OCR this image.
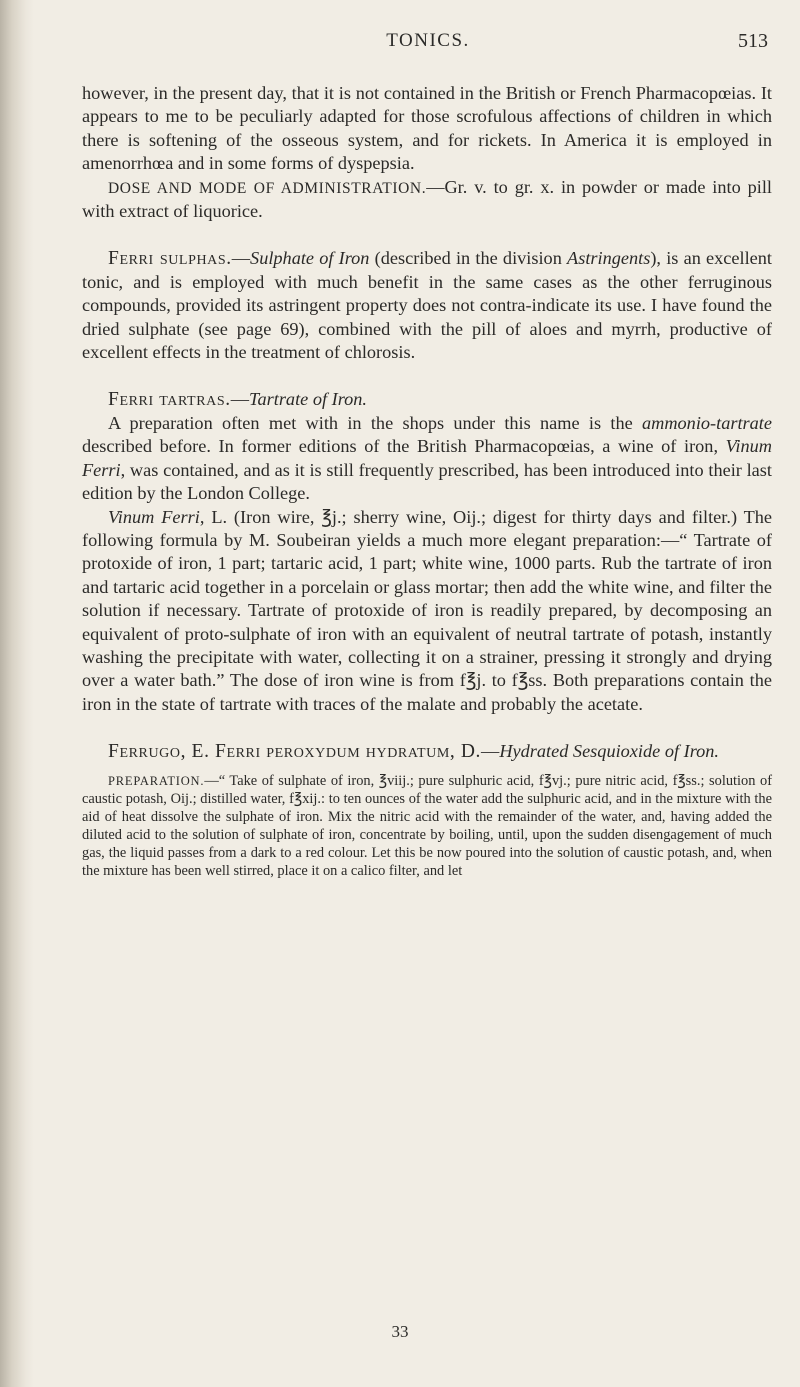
TONICS.	513

however, in the present day, that it is not contained in the British or French Pharmacopœias. It appears to me to be peculiarly adapted for those scrofulous affections of children in which there is softening of the osseous system, and for rickets. In America it is employed in amenorrhœa and in some forms of dyspepsia.

DOSE AND MODE OF ADMINISTRATION.—Gr. v. to gr. x. in powder or made into pill with extract of liquorice.

Ferri sulphas.—Sulphate of Iron (described in the division Astringents), is an excellent tonic, and is employed with much benefit in the same cases as the other ferruginous compounds, provided its astringent property does not contra-indicate its use. I have found the dried sulphate (see page 69), combined with the pill of aloes and myrrh, productive of excellent effects in the treatment of chlorosis.

Ferri tartras.—Tartrate of Iron.

A preparation often met with in the shops under this name is the ammonio-tartrate described before. In former editions of the British Pharmacopœias, a wine of iron, Vinum Ferri, was contained, and as it is still frequently prescribed, has been introduced into their last edition by the London College.

Vinum Ferri, L. (Iron wire, ℥j.; sherry wine, Oij.; digest for thirty days and filter.) The following formula by M. Soubeiran yields a much more elegant preparation:—“ Tartrate of protoxide of iron, 1 part; tartaric acid, 1 part; white wine, 1000 parts. Rub the tartrate of iron and tartaric acid together in a porcelain or glass mortar; then add the white wine, and filter the solution if necessary. Tartrate of protoxide of iron is readily prepared, by decomposing an equivalent of proto-sulphate of iron with an equivalent of neutral tartrate of potash, instantly washing the precipitate with water, collecting it on a strainer, pressing it strongly and drying over a water bath.” The dose of iron wine is from f℥j. to f℥ss. Both preparations contain the iron in the state of tartrate with traces of the malate and probably the acetate.

Ferrugo, E. Ferri peroxydum hydratum, D.—Hydrated Sesquioxide of Iron.

PREPARATION.—“ Take of sulphate of iron, ℥viij.; pure sulphuric acid, f℥vj.; pure nitric acid, f℥ss.; solution of caustic potash, Oij.; distilled water, f℥xij.: to ten ounces of the water add the sulphuric acid, and in the mixture with the aid of heat dissolve the sulphate of iron. Mix the nitric acid with the remainder of the water, and, having added the diluted acid to the solution of sulphate of iron, concentrate by boiling, until, upon the sudden disengagement of much gas, the liquid passes from a dark to a red colour. Let this be now poured into the solution of caustic potash, and, when the mixture has been well stirred, place it on a calico filter, and let

33
